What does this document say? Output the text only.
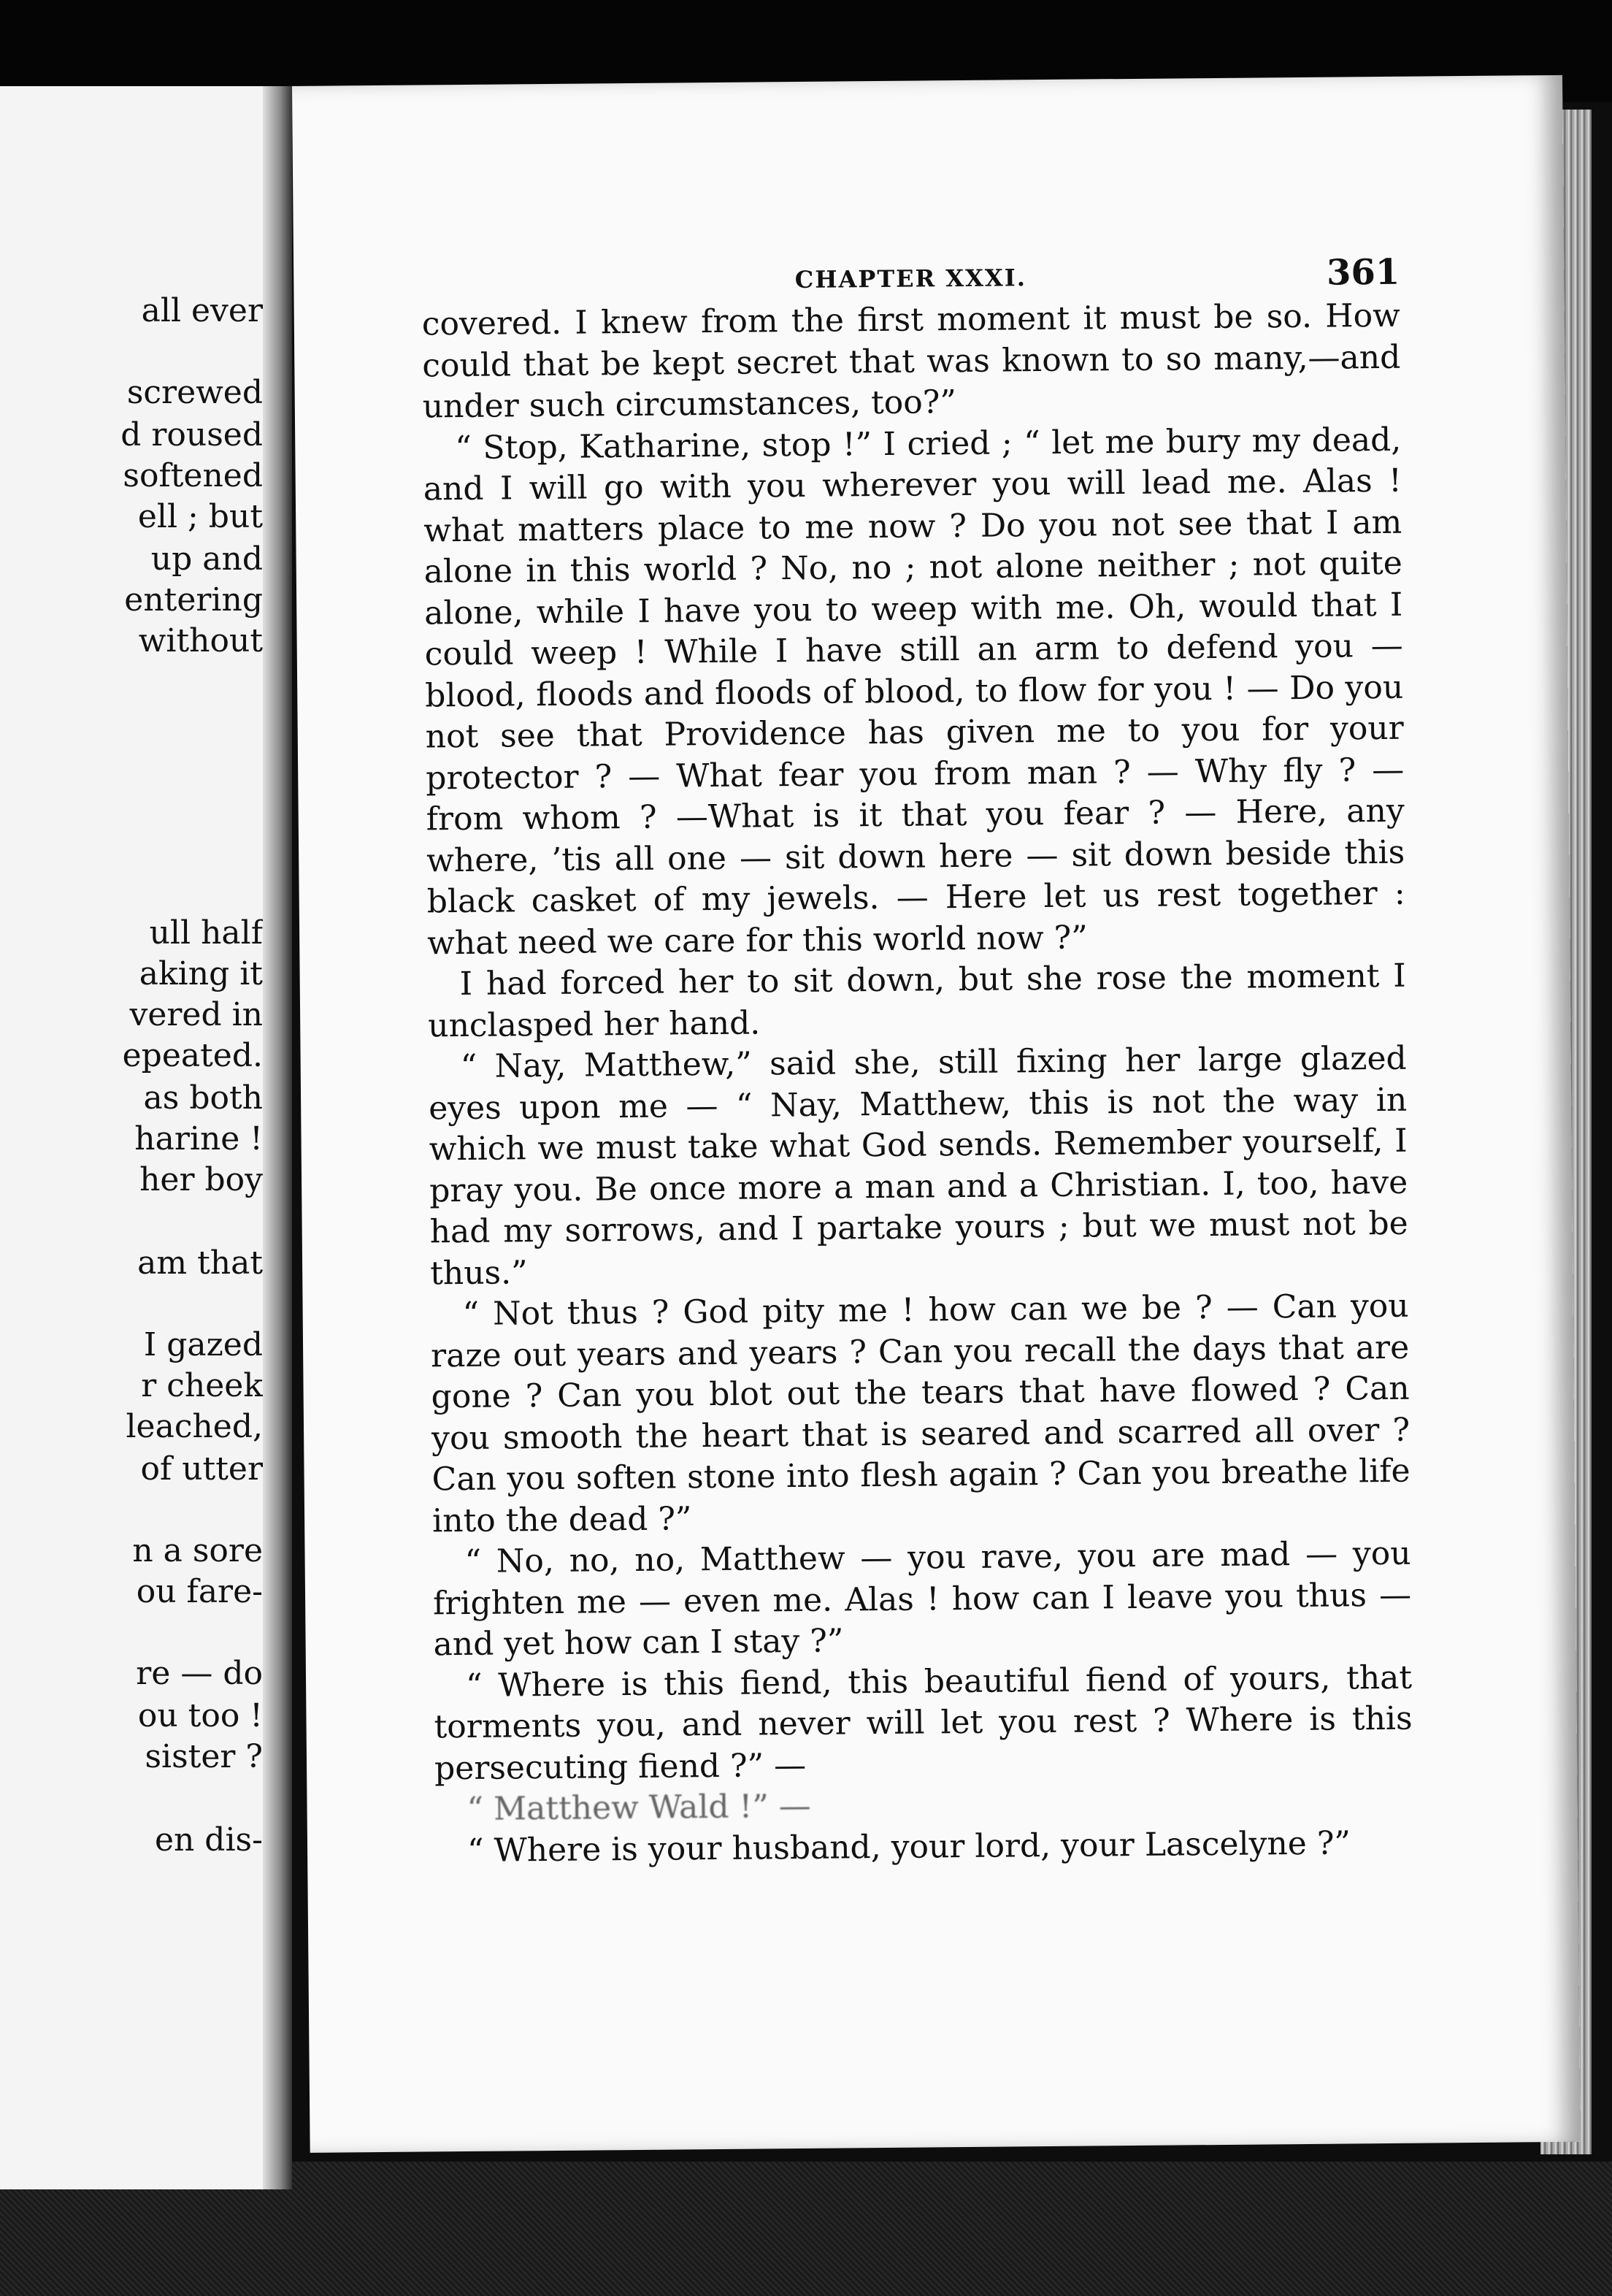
all ever
screwed
d roused
softened
ell ; but
up and
entering
without
ull half
aking it
vered in
epeated.
as both
harine !
her boy
am that
I gazed
r cheek
leached,
of utter
n a sore
ou fare-
re — do
ou too !
sister ?
en dis-
CHAPTER XXXI.	361

covered. I knew from the first moment it must be so. How could that be kept secret that was known to so many,—and under such circumstances, too?”

“ Stop, Katharine, stop !” I cried ; “ let me bury my dead, and I will go with you wherever you will lead me. Alas ! what matters place to me now ? Do you not see that I am alone in this world ? No, no ; not alone neither ; not quite alone, while I have you to weep with me. Oh, would that I could weep ! While I have still an arm to defend you — blood, floods and floods of blood, to flow for you ! — Do you not see that Providence has given me to you for your protector ? — What fear you from man ? — Why fly ? —from whom ? —What is it that you fear ? — Here, any where, ’tis all one — sit down here — sit down beside this black casket of my jewels. — Here let us rest together : what need we care for this world now ?”

I had forced her to sit down, but she rose the moment I unclasped her hand.

“ Nay, Matthew,” said she, still fixing her large glazed eyes upon me — “ Nay, Matthew, this is not the way in which we must take what God sends. Remember yourself, I pray you. Be once more a man and a Christian. I, too, have had my sorrows, and I partake yours ; but we must not be thus.”

“ Not thus ? God pity me ! how can we be ? — Can you raze out years and years ? Can you recall the days that are gone ? Can you blot out the tears that have flowed ? Can you smooth the heart that is seared and scarred all over ? Can you soften stone into flesh again ? Can you breathe life into the dead ?”

“ No, no, no, Matthew — you rave, you are mad — you frighten me — even me. Alas ! how can I leave you thus — and yet how can I stay ?”

“ Where is this fiend, this beautiful fiend of yours, that torments you, and never will let you rest ? Where is this persecuting fiend ?” —

“ Matthew Wald !” —

“ Where is your husband, your lord, your Lascelyne ?”
